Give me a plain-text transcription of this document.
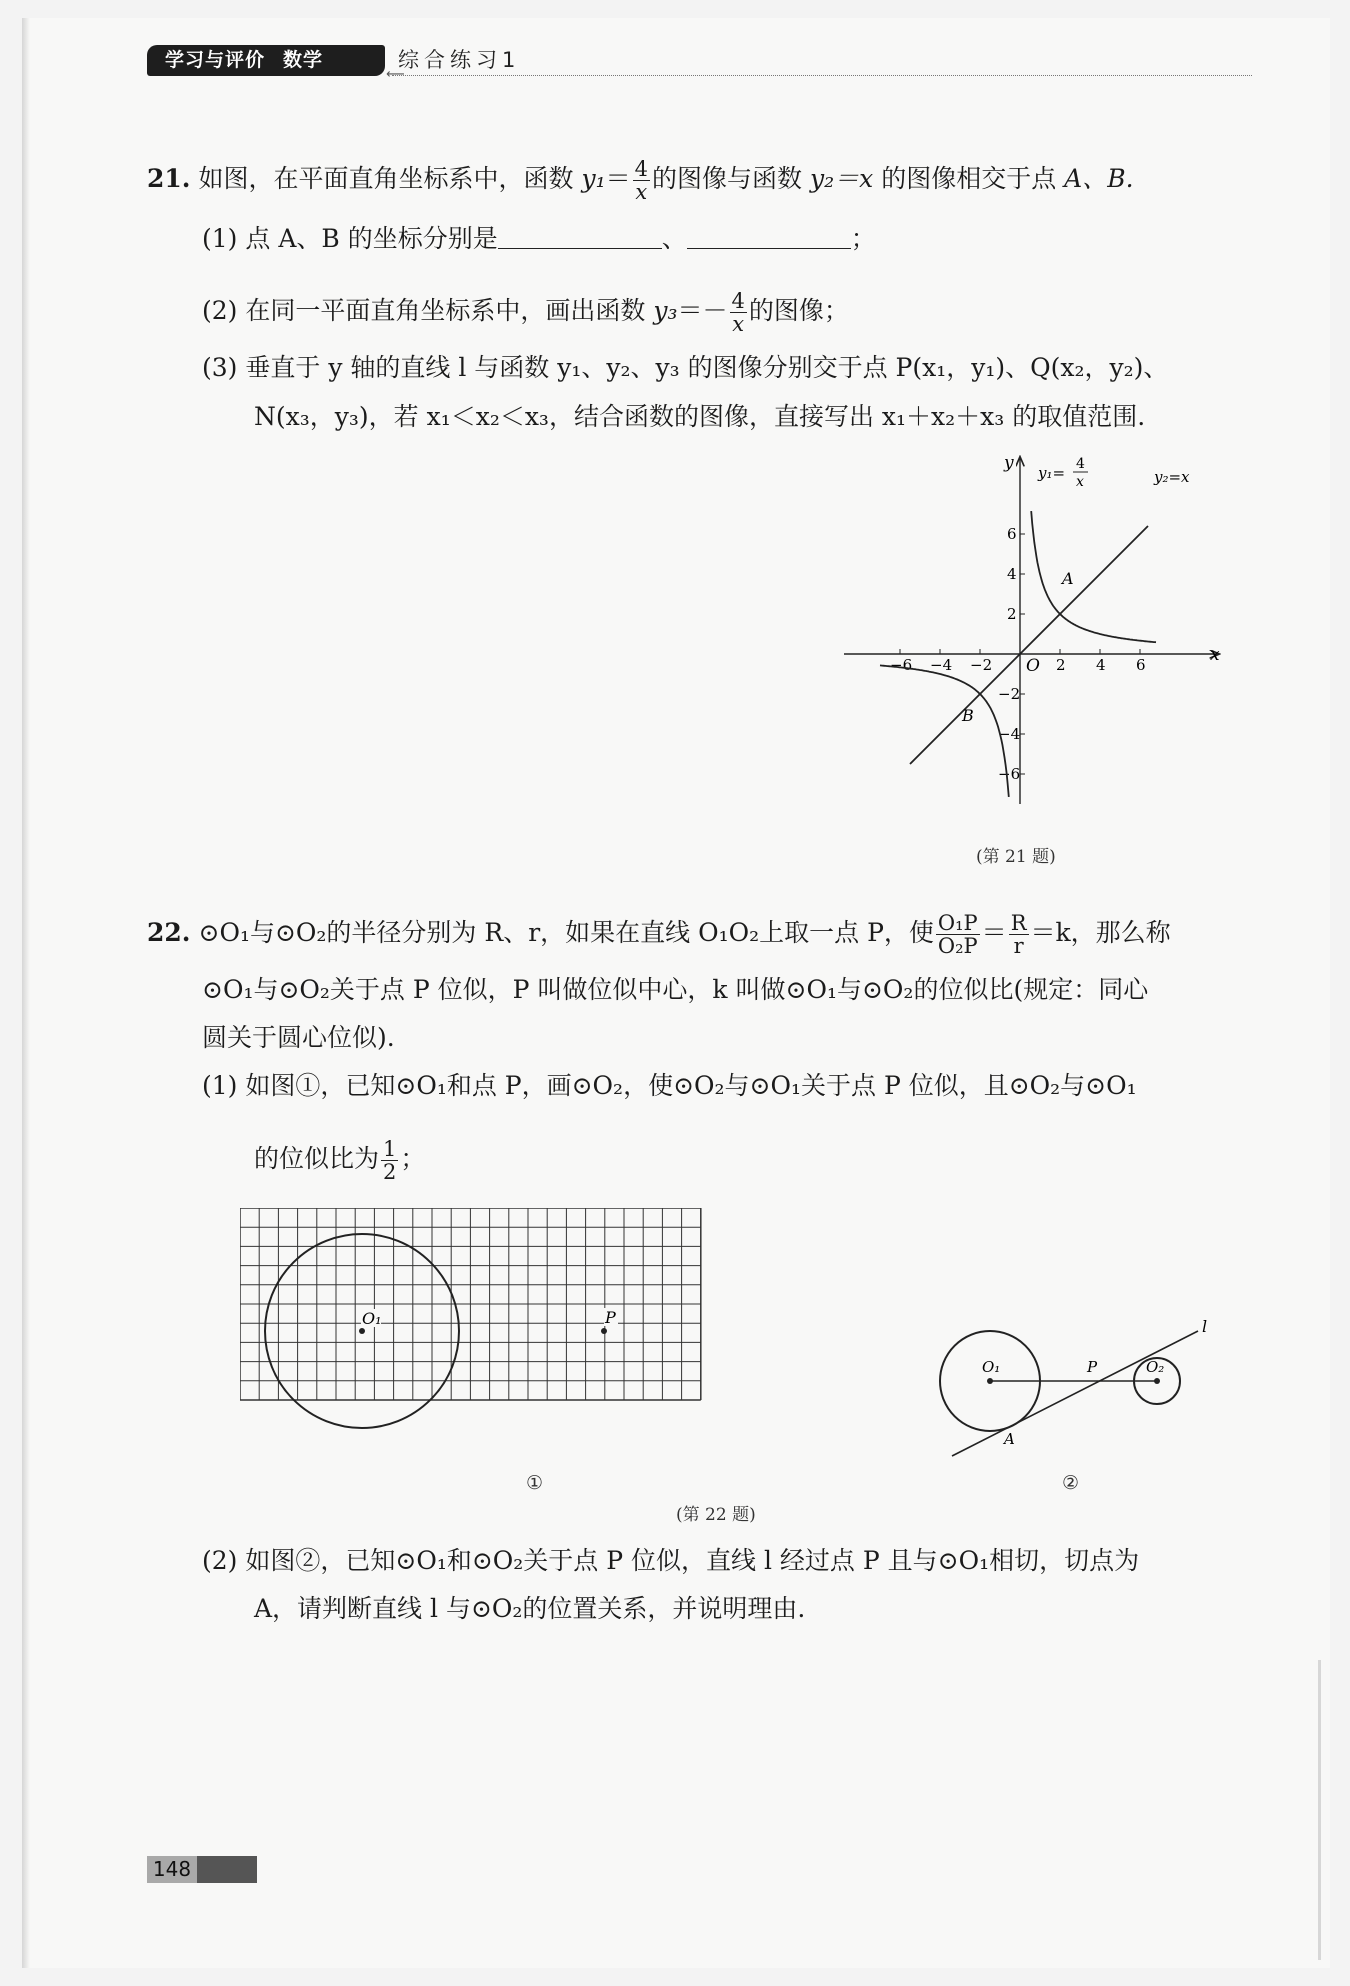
学习与评价 数学
⟵
综合练习1
21. 如图，在平面直角坐标系中，函数 $y_1= \frac{4}{x}$ 的图像与函数 y₂＝x 的图像相交于点 A、B.
(1) 点 A、B 的坐标分别是	、	；
(2) 在同一平面直角坐标系中，画出函数 $y_3=- \frac{4}{x}$ 的图像；
(3) 垂直于 y 轴的直线 l 与函数 y₁、y₂、y₃ 的图像分别交于点 P(x₁，y₁)、Q(x₂，y₂)、
N(x₃，y₃)，若 x₁＜x₂＜x₃，结合函数的图像，直接写出 x₁＋x₂＋x₃ 的取值范围.
−6 −4 −2	2 4 6
6
4
2
−2
−4
−6
y
x
O
y₁= 4
x	y₂=x
A
B
(第 21 题)
22. ⊙O₁与⊙O₂的半径分别为 R、r，如果在直线 O₁O₂上取一点 P，使 $\frac{\text{O₁P}}{\text{O₂P}} = \frac{R}{r} =k$，那么称
⊙O₁与⊙O₂关于点 P 位似，P 叫做位似中心，k 叫做⊙O₁与⊙O₂的位似比(规定：同心
圆关于圆心位似).
(1) 如图①，已知⊙O₁和点 P，画⊙O₂，使⊙O₂与⊙O₁关于点 P 位似，且⊙O₂与⊙O₁
的位似比为 $\frac{1}{2}$ ；
O₁	P
O₁	O₂
P
A
l
①	②
(第 22 题)
(2) 如图②，已知⊙O₁和⊙O₂关于点 P 位似，直线 l 经过点 P 且与⊙O₁相切，切点为
A，请判断直线 l 与⊙O₂的位置关系，并说明理由.
148
